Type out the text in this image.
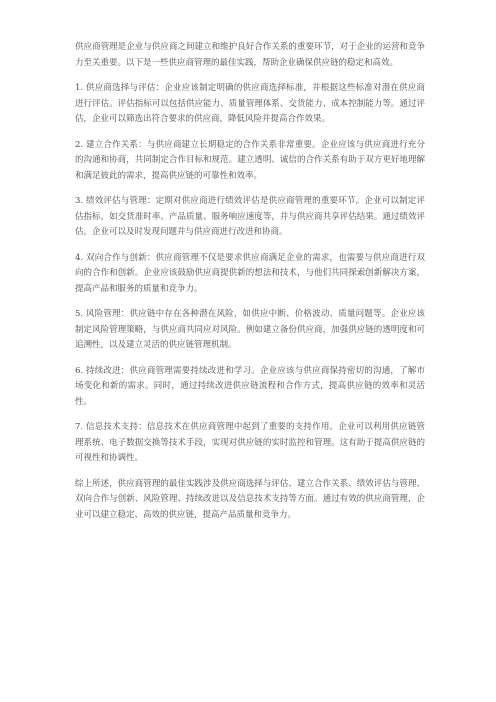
供应商管理是企业与供应商之间建立和维护良好合作关系的重要环节，对于企业的运营和竞争力至关重要。以下是一些供应商管理的最佳实践，帮助企业确保供应链的稳定和高效。

1. 供应商选择与评估：企业应该制定明确的供应商选择标准，并根据这些标准对潜在供应商进行评估。评估指标可以包括供应能力、质量管理体系、交货能力、成本控制能力等。通过评估，企业可以筛选出符合要求的供应商，降低风险并提高合作效果。

2. 建立合作关系：与供应商建立长期稳定的合作关系非常重要。企业应该与供应商进行充分的沟通和协商，共同制定合作目标和规范。建立透明、诚信的合作关系有助于双方更好地理解和满足彼此的需求，提高供应链的可靠性和效率。

3. 绩效评估与管理：定期对供应商进行绩效评估是供应商管理的重要环节。企业可以制定评估指标，如交货准时率、产品质量、服务响应速度等，并与供应商共享评估结果。通过绩效评估，企业可以及时发现问题并与供应商进行改进和协商。

4. 双向合作与创新：供应商管理不仅是要求供应商满足企业的需求，也需要与供应商进行双向的合作和创新。企业应该鼓励供应商提供新的想法和技术，与他们共同探索创新解决方案，提高产品和服务的质量和竞争力。

5. 风险管理：供应链中存在各种潜在风险，如供应中断、价格波动、质量问题等。企业应该制定风险管理策略，与供应商共同应对风险。例如建立备份供应商，加强供应链的透明度和可追溯性，以及建立灵活的供应链管理机制。

6. 持续改进：供应商管理需要持续改进和学习。企业应该与供应商保持密切的沟通，了解市场变化和新的需求。同时，通过持续改进供应链流程和合作方式，提高供应链的效率和灵活性。

7. 信息技术支持：信息技术在供应商管理中起到了重要的支持作用。企业可以利用供应链管理系统、电子数据交换等技术手段，实现对供应链的实时监控和管理。这有助于提高供应链的可视性和协调性。

综上所述，供应商管理的最佳实践涉及供应商选择与评估、建立合作关系、绩效评估与管理、双向合作与创新、风险管理、持续改进以及信息技术支持等方面。通过有效的供应商管理，企业可以建立稳定、高效的供应链，提高产品质量和竞争力。
